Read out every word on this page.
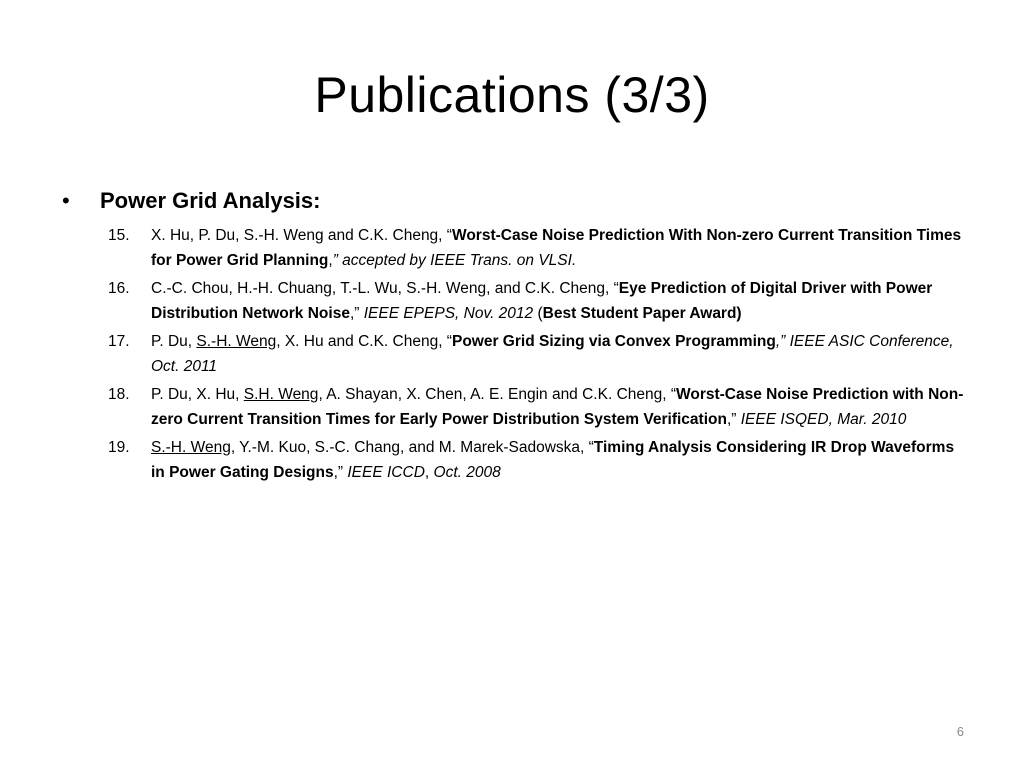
Publications (3/3)
• Power Grid Analysis:
15.	X. Hu, P. Du, S.-H. Weng and C.K. Cheng, “Worst-Case Noise Prediction With Non-zero Current Transition Times for Power Grid Planning,” accepted by IEEE Trans. on VLSI.
16.	C.-C. Chou, H.-H. Chuang, T.-L. Wu, S.-H. Weng, and C.K. Cheng, “Eye Prediction of Digital Driver with Power Distribution Network Noise,” IEEE EPEPS, Nov. 2012 (Best Student Paper Award)
17.	P. Du, S.-H. Weng, X. Hu and C.K. Cheng, “Power Grid Sizing via Convex Programming,” IEEE ASIC Conference, Oct. 2011
18.	P. Du, X. Hu, S.H. Weng, A. Shayan, X. Chen, A. E. Engin and C.K. Cheng, “Worst-Case Noise Prediction with Non-zero Current Transition Times for Early Power Distribution System Verification,” IEEE ISQED, Mar. 2010
19.	S.-H. Weng, Y.-M. Kuo, S.-C. Chang, and M. Marek-Sadowska, “Timing Analysis Considering IR Drop Waveforms in Power Gating Designs,” IEEE ICCD, Oct. 2008
6
